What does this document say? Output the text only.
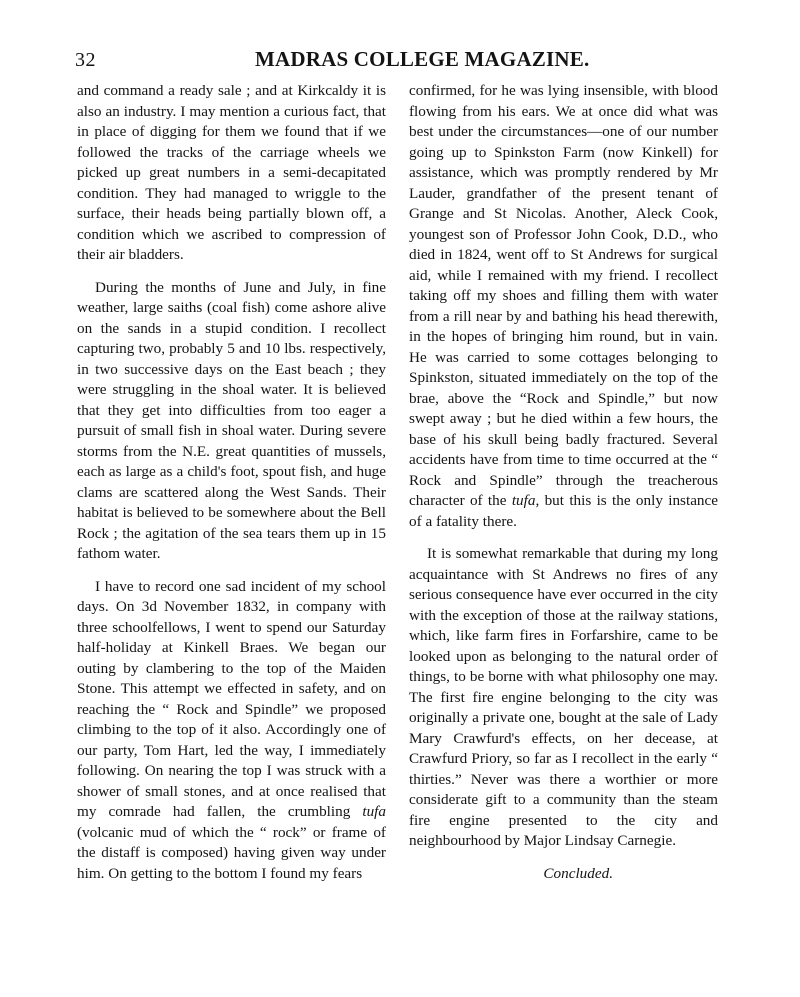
32	MADRAS COLLEGE MAGAZINE.

and command a ready sale ; and at Kirkcaldy it is also an industry. I may mention a curious fact, that in place of digging for them we found that if we followed the tracks of the carriage wheels we picked up great numbers in a semi-decapitated condition. They had managed to wriggle to the surface, their heads being partially blown off, a condition which we ascribed to compression of their air bladders.

During the months of June and July, in fine weather, large saiths (coal fish) come ashore alive on the sands in a stupid condition. I recollect capturing two, probably 5 and 10 lbs. respectively, in two successive days on the East beach ; they were struggling in the shoal water. It is believed that they get into difficulties from too eager a pursuit of small fish in shoal water. During severe storms from the N.E. great quantities of mussels, each as large as a child's foot, spout fish, and huge clams are scattered along the West Sands. Their habitat is believed to be somewhere about the Bell Rock ; the agitation of the sea tears them up in 15 fathom water.

I have to record one sad incident of my school days. On 3d November 1832, in company with three schoolfellows, I went to spend our Saturday half-holiday at Kinkell Braes. We began our outing by clambering to the top of the Maiden Stone. This attempt we effected in safety, and on reaching the “ Rock and Spindle” we proposed climbing to the top of it also. Accordingly one of our party, Tom Hart, led the way, I immediately following. On nearing the top I was struck with a shower of small stones, and at once realised that my comrade had fallen, the crumbling tufa (volcanic mud of which the “ rock” or frame of the distaff is composed) having given way under him. On getting to the bottom I found my fears

confirmed, for he was lying insensible, with blood flowing from his ears. We at once did what was best under the circumstances—one of our number going up to Spinkston Farm (now Kinkell) for assistance, which was promptly rendered by Mr Lauder, grandfather of the present tenant of Grange and St Nicolas. Another, Aleck Cook, youngest son of Professor John Cook, D.D., who died in 1824, went off to St Andrews for surgical aid, while I remained with my friend. I recollect taking off my shoes and filling them with water from a rill near by and bathing his head therewith, in the hopes of bringing him round, but in vain. He was carried to some cottages belonging to Spinkston, situated immediately on the top of the brae, above the “Rock and Spindle,” but now swept away ; but he died within a few hours, the base of his skull being badly fractured. Several accidents have from time to time occurred at the “ Rock and Spindle” through the treacherous character of the tufa, but this is the only instance of a fatality there.

It is somewhat remarkable that during my long acquaintance with St Andrews no fires of any serious consequence have ever occurred in the city with the exception of those at the railway stations, which, like farm fires in Forfarshire, came to be looked upon as belonging to the natural order of things, to be borne with what philosophy one may. The first fire engine belonging to the city was originally a private one, bought at the sale of Lady Mary Crawfurd's effects, on her decease, at Crawfurd Priory, so far as I recollect in the early “ thirties.” Never was there a worthier or more considerate gift to a community than the steam fire engine presented to the city and neighbourhood by Major Lindsay Carnegie.

Concluded.
